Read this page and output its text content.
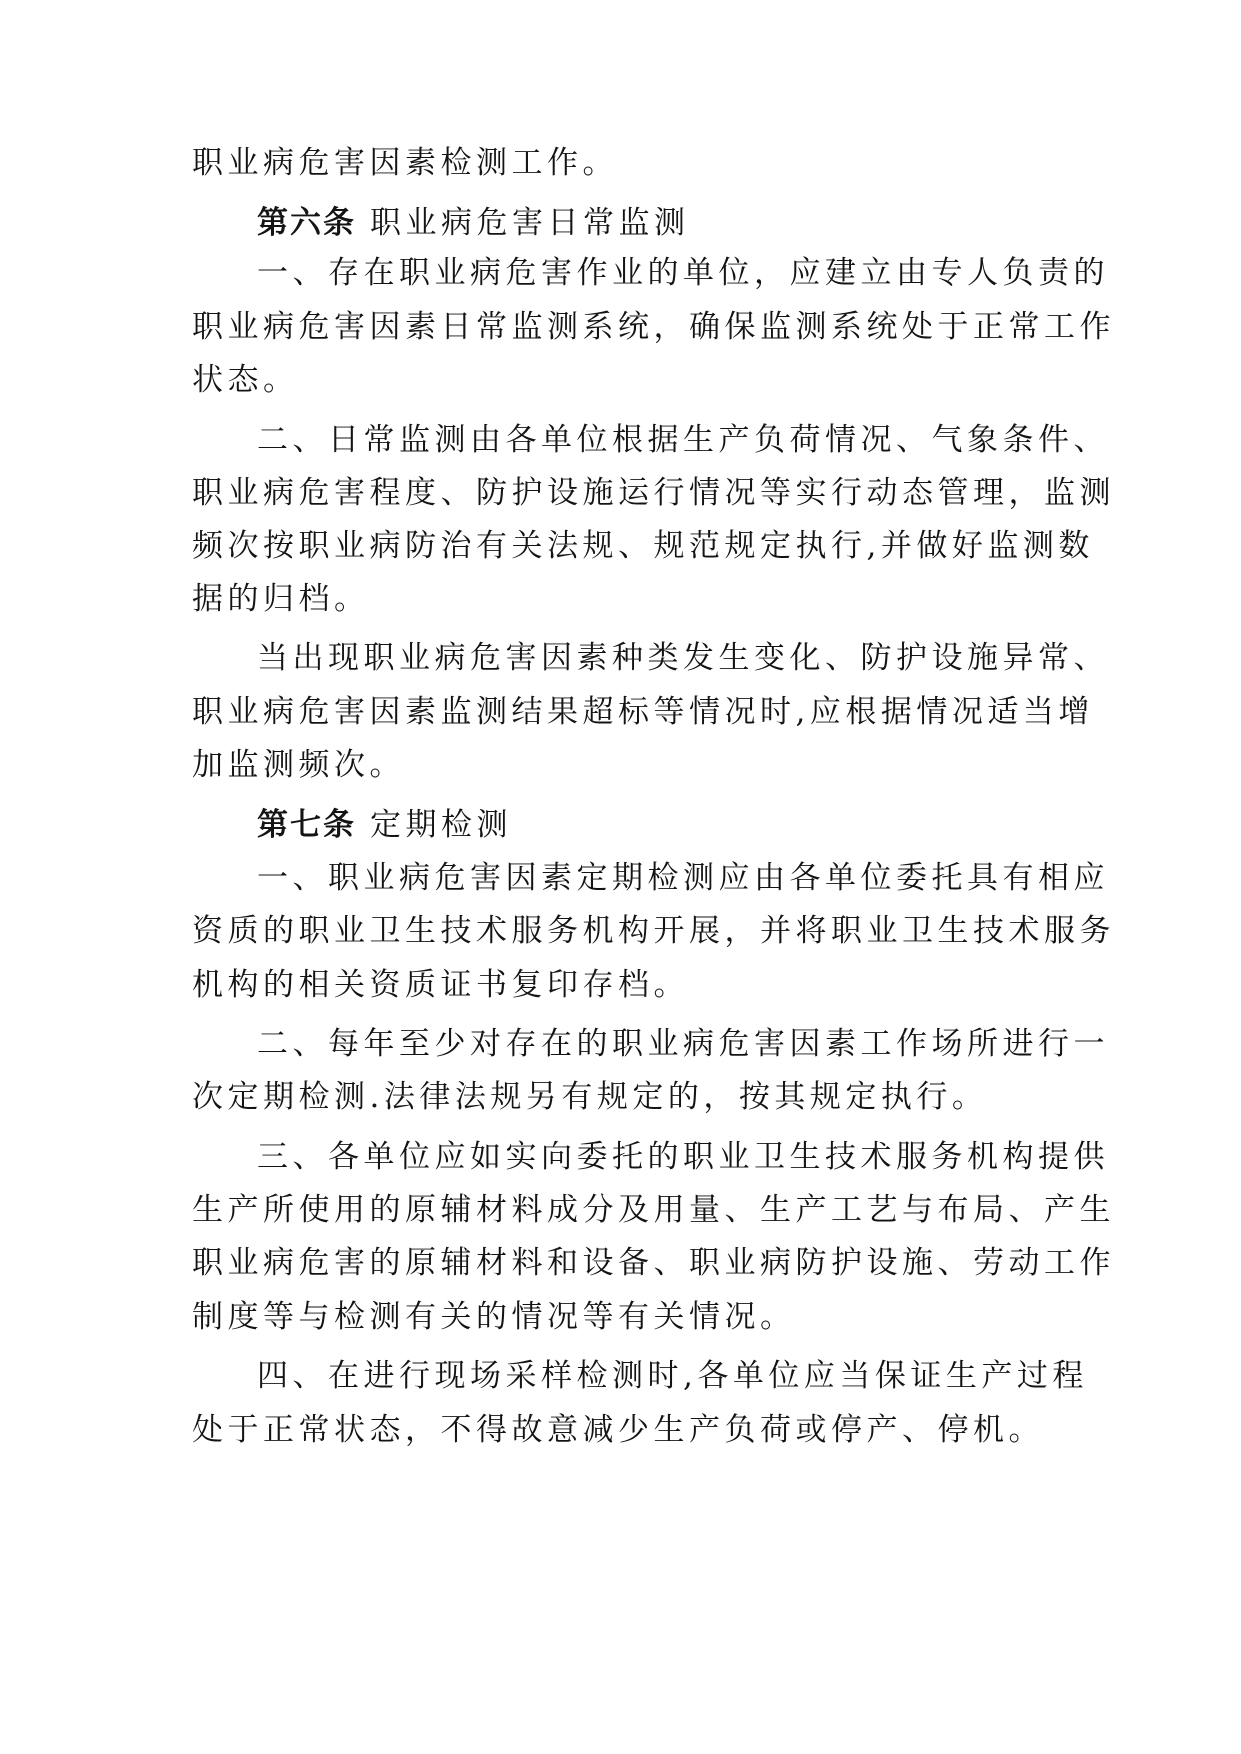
职业病危害因素检测工作。
第六条 职业病危害日常监测
一、存在职业病危害作业的单位，应建立由专人负责的
职业病危害因素日常监测系统，确保监测系统处于正常工作
状态。
二、日常监测由各单位根据生产负荷情况、气象条件、
职业病危害程度、防护设施运行情况等实行动态管理，监测
频次按职业病防治有关法规、规范规定执行,并做好监测数
据的归档。
当出现职业病危害因素种类发生变化、防护设施异常、
职业病危害因素监测结果超标等情况时,应根据情况适当增
加监测频次。
第七条 定期检测
一、职业病危害因素定期检测应由各单位委托具有相应
资质的职业卫生技术服务机构开展，并将职业卫生技术服务
机构的相关资质证书复印存档。
二、每年至少对存在的职业病危害因素工作场所进行一
次定期检测.法律法规另有规定的，按其规定执行。
三、各单位应如实向委托的职业卫生技术服务机构提供
生产所使用的原辅材料成分及用量、生产工艺与布局、产生
职业病危害的原辅材料和设备、职业病防护设施、劳动工作
制度等与检测有关的情况等有关情况。
四、在进行现场采样检测时,各单位应当保证生产过程
处于正常状态，不得故意减少生产负荷或停产、停机。
